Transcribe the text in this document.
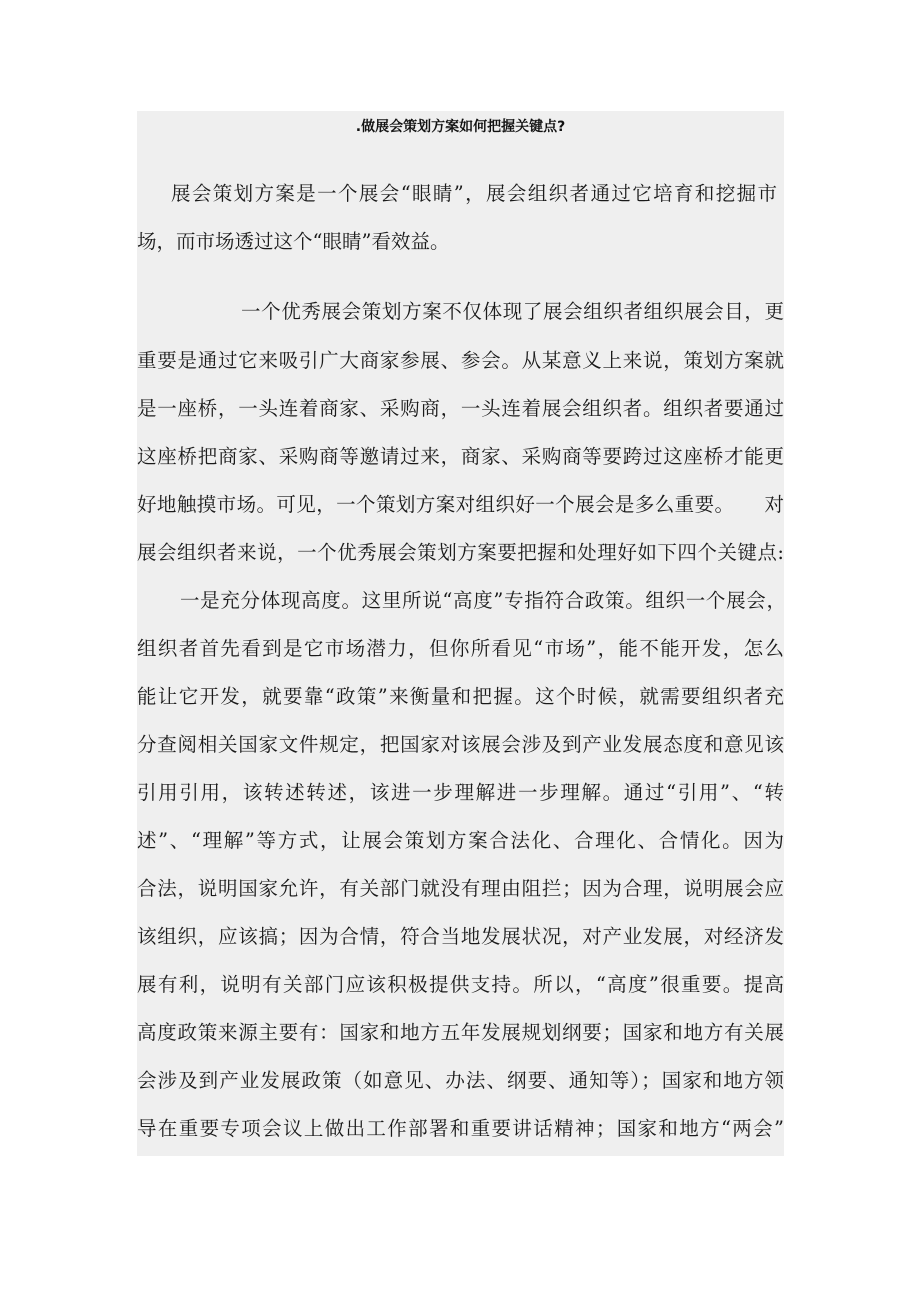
.做展会策划方案如何把握关键点?

展会策划方案是一个展会“眼睛”，展会组织者通过它培育和挖掘市

场，而市场透过这个“眼睛”看效益。

一个优秀展会策划方案不仅体现了展会组织者组织展会目，更

重要是通过它来吸引广大商家参展、参会。从某意义上来说，策划方案就

是一座桥，一头连着商家、采购商，一头连着展会组织者。组织者要通过

这座桥把商家、采购商等邀请过来，商家、采购商等要跨过这座桥才能更

好地触摸市场。可见，一个策划方案对组织好一个展会是多么重要。　　对

展会组织者来说，一个优秀展会策划方案要把握和处理好如下四个关键点:

一是充分体现高度。这里所说“高度”专指符合政策。组织一个展会，

组织者首先看到是它市场潜力，但你所看见“市场”，能不能开发，怎么

能让它开发，就要靠“政策”来衡量和把握。这个时候，就需要组织者充

分查阅相关国家文件规定，把国家对该展会涉及到产业发展态度和意见该

引用引用，该转述转述，该进一步理解进一步理解。通过“引用”、“转

述”、“理解”等方式，让展会策划方案合法化、合理化、合情化。因为

合法，说明国家允许，有关部门就没有理由阻拦；因为合理，说明展会应

该组织，应该搞；因为合情，符合当地发展状况，对产业发展，对经济发

展有利，说明有关部门应该积极提供支持。所以，“高度”很重要。提高

高度政策来源主要有：国家和地方五年发展规划纲要；国家和地方有关展

会涉及到产业发展政策（如意见、办法、纲要、通知等）；国家和地方领

导在重要专项会议上做出工作部署和重要讲话精神；国家和地方“两会”
